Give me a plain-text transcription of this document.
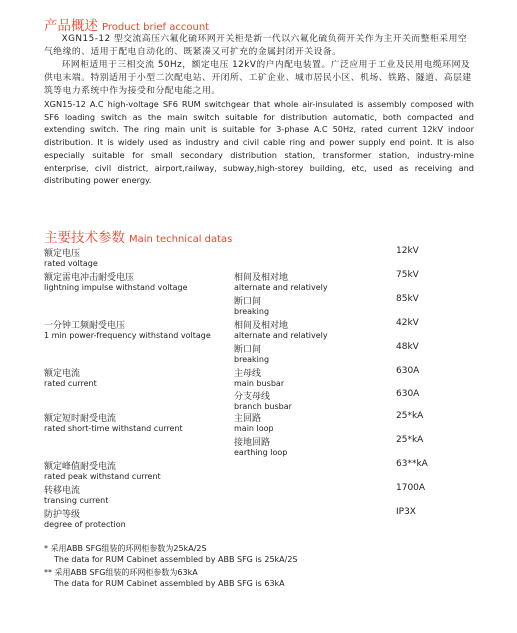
产品概述 Product brief account

XGN15-12 型交流高压六氟化硫环网开关柜是新一代以六氟化硫负荷开关作为主开关而整柜采用空气绝缘的、适用于配电自动化的、既紧凑又可扩充的金属封闭开关设备。

环网柜适用于三相交流 50Hz，额定电压 12kV的户内配电装置。广泛应用于工业及民用电缆环网及供电末端。特别适用于小型二次配电站、开闭所、工矿企业、城市居民小区、机场、铁路、隧道、高层建筑等电力系统中作为接受和分配电能之用。

XGN15-12 A.C high-voltage SF6 RUM switchgear that whole air-insulated is assembly composed with SF6 loading switch as the main switch suitable for distribution automatic, both compacted and extending switch. The ring main unit is suitable for 3-phase A.C 50Hz, rated current 12kV indoor distribution. It is widely used as industry and civil cable ring and power supply end point. It is also especially suitable for small secondary distribution station, transformer station, industry-mine enterprise, civil district, airport,railway, subway,high-storey building, etc, used as receiving and distributing power energy.

主要技术参数 Main technical datas
额定电压
rated voltage
额定雷电冲击耐受电压
lightning impulse withstand voltage
一分钟工频耐受电压
1 min power-frequency withstand voltage
额定电流
rated current
额定短时耐受电流
rated short-time withstand current
额定峰值耐受电流
rated peak withstand current
转移电流
transing current
防护等级
degree of protection
相间及相对地
alternate and relatively
断口间
breaking
相间及相对地
alternate and relatively
断口间
breaking
主母线
main busbar
分支母线
branch busbar
主回路
main loop
接地回路
earthing loop
12kV
75kV
85kV
42kV
48kV
630A
630A
25*kA
25*kA
63**kA
1700A
IP3X
* 采用ABB SFG组装的环网柜参数为25kA/2S
The data for RUM Cabinet assembled by ABB SFG is 25kA/2S
** 采用ABB SFG组装的环网柜参数为63kA
The data for RUM Cabinet assembled by ABB SFG is 63kA
